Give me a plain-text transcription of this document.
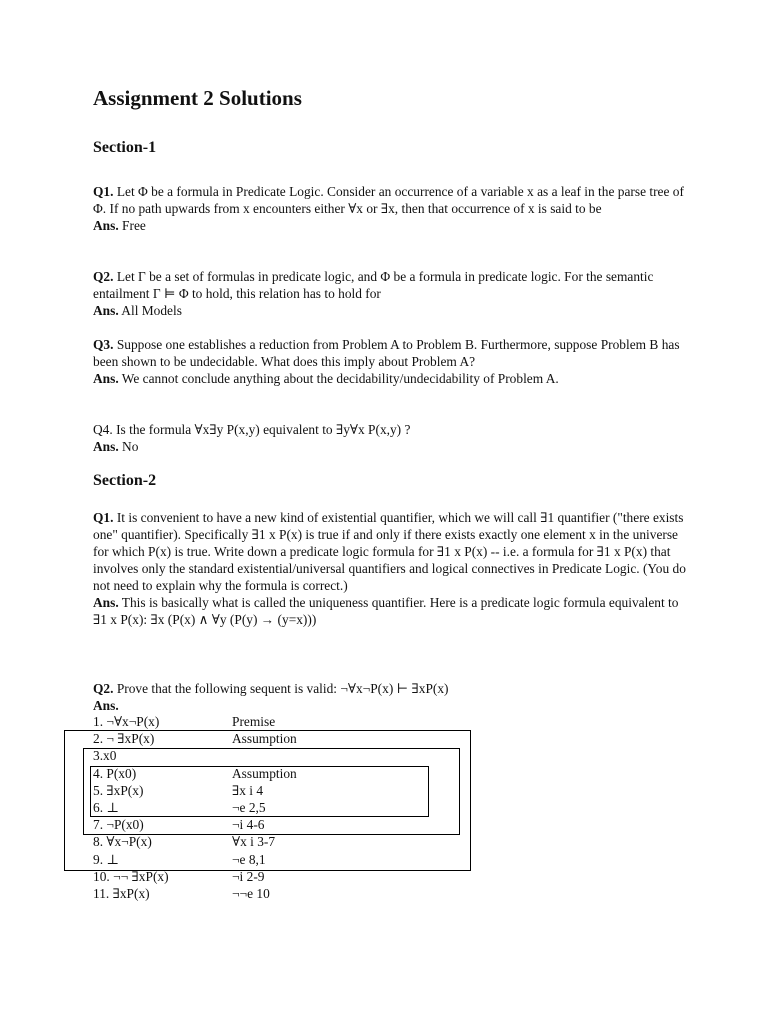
Assignment 2 Solutions
Section-1

Q1. Let Φ be a formula in Predicate Logic. Consider an occurrence of a variable x as a leaf in the parse tree of Φ. If no path upwards from x encounters either ∀x or ∃x, then that occurrence of x is said to be

Ans. Free

Q2. Let Γ be a set of formulas in predicate logic, and Φ be a formula in predicate logic. For the semantic entailment Γ ⊨ Φ to hold, this relation has to hold for

Ans. All Models

Q3. Suppose one establishes a reduction from Problem A to Problem B. Furthermore, suppose Problem B has been shown to be undecidable. What does this imply about Problem A?

Ans. We cannot conclude anything about the decidability/undecidability of Problem A.

Q4. Is the formula ∀x∃y P(x,y) equivalent to ∃y∀x P(x,y) ?

Ans. No

Section-2

Q1. It is convenient to have a new kind of existential quantifier, which we will call ∃1 quantifier ("there exists one" quantifier). Specifically ∃1 x P(x) is true if and only if there exists exactly one element x in the universe for which P(x) is true. Write down a predicate logic formula for ∃1 x P(x) -- i.e. a formula for ∃1 x P(x) that involves only the standard existential/universal quantifiers and logical connectives in Predicate Logic. (You do not need to explain why the formula is correct.)

Ans. This is basically what is called the uniqueness quantifier. Here is a predicate logic formula equivalent to ∃1 x P(x): ∃x (P(x) ∧ ∀y (P(y) → (y=x)))

Q2. Prove that the following sequent is valid: ¬∀x¬P(x) ⊢ ∃xP(x)

Ans.

1. ¬∀x¬P(x)	Premise
2. ¬ ∃xP(x)	Assumption
3.x0
4. P(x0)	Assumption
5. ∃xP(x)	∃x i 4
6. ⊥	¬e 2,5
7. ¬P(x0)	¬i 4-6
8. ∀x¬P(x)	∀x i 3-7
9. ⊥	¬e 8,1
10. ¬¬ ∃xP(x)	¬i 2-9
11. ∃xP(x)	¬¬e 10
